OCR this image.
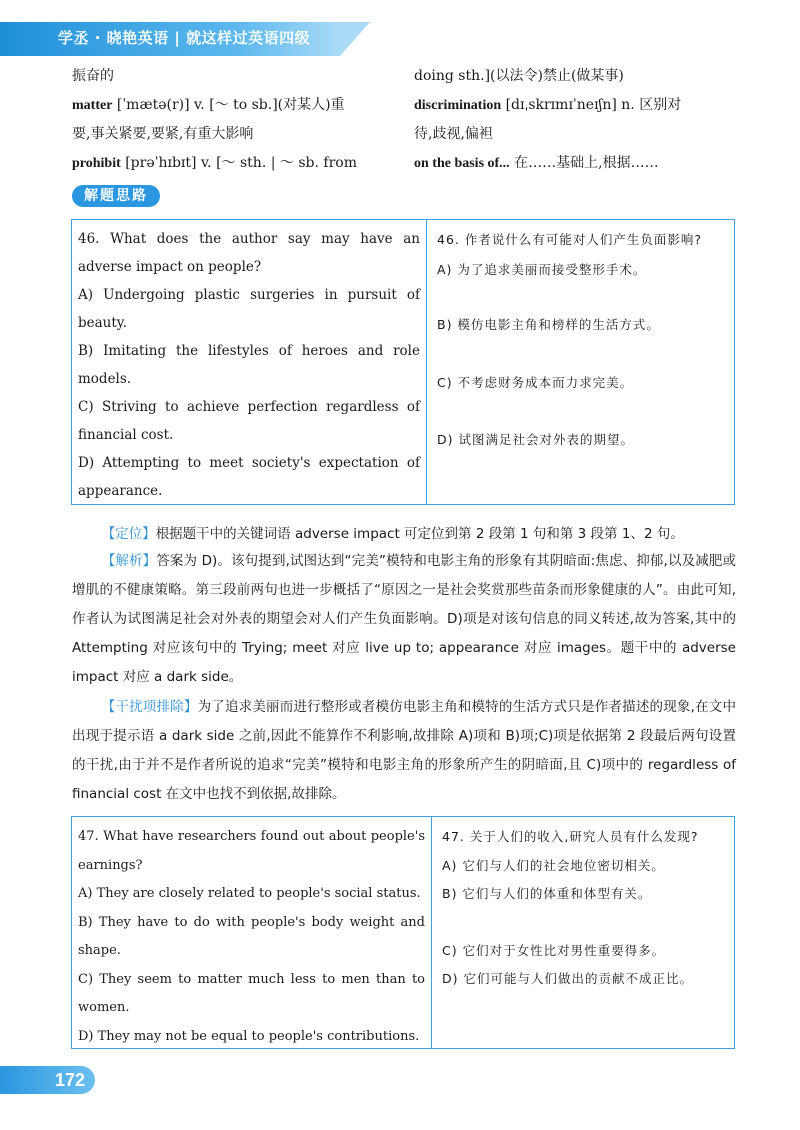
学丞 · 晓艳英语 | 就这样过英语四级

振奋的

matter [ˈmætə(r)] v. [～ to sb.](对某人)重

要,事关紧要,要紧,有重大影响

prohibit [prəˈhɪbɪt] v. [～ sth. | ～ sb. from

doing sth.](以法令)禁止(做某事)

discrimination [dɪˌskrɪmɪˈneɪʃn] n. 区别对

待,歧视,偏袒

on the basis of... 在……基础上,根据……

解题思路

46. What does the author say may have an adverse impact on people?

A) Undergoing plastic surgeries in pursuit of beauty.

B) Imitating the lifestyles of heroes and role models.

C) Striving to achieve perfection regardless of financial cost.

D) Attempting to meet society's expectation of appearance.

46. 作者说什么有可能对人们产生负面影响?

A) 为了追求美丽而接受整形手术。

B) 模仿电影主角和榜样的生活方式。

C) 不考虑财务成本而力求完美。

D) 试图满足社会对外表的期望。

【定位】根据题干中的关键词语 adverse impact 可定位到第 2 段第 1 句和第 3 段第 1、2 句。

【解析】答案为 D)。该句提到,试图达到“完美”模特和电影主角的形象有其阴暗面:焦虑、抑郁,以及减肥或增肌的不健康策略。第三段前两句也进一步概括了“原因之一是社会奖赏那些苗条而形象健康的人”。由此可知,作者认为试图满足社会对外表的期望会对人们产生负面影响。D)项是对该句信息的同义转述,故为答案,其中的 Attempting 对应该句中的 Trying; meet 对应 live up to; appearance 对应 images。题干中的 adverse impact 对应 a dark side。

【干扰项排除】为了追求美丽而进行整形或者模仿电影主角和模特的生活方式只是作者描述的现象,在文中出现于提示语 a dark side 之前,因此不能算作不利影响,故排除 A)项和 B)项;C)项是依据第 2 段最后两句设置的干扰,由于并不是作者所说的追求“完美”模特和电影主角的形象所产生的阴暗面,且 C)项中的 regardless of financial cost 在文中也找不到依据,故排除。

47. What have researchers found out about people's earnings?

A) They are closely related to people's social status.

B) They have to do with people's body weight and shape.

C) They seem to matter much less to men than to women.

D) They may not be equal to people's contributions.

47. 关于人们的收入,研究人员有什么发现?

A) 它们与人们的社会地位密切相关。

B) 它们与人们的体重和体型有关。

C) 它们对于女性比对男性重要得多。

D) 它们可能与人们做出的贡献不成正比。

172
